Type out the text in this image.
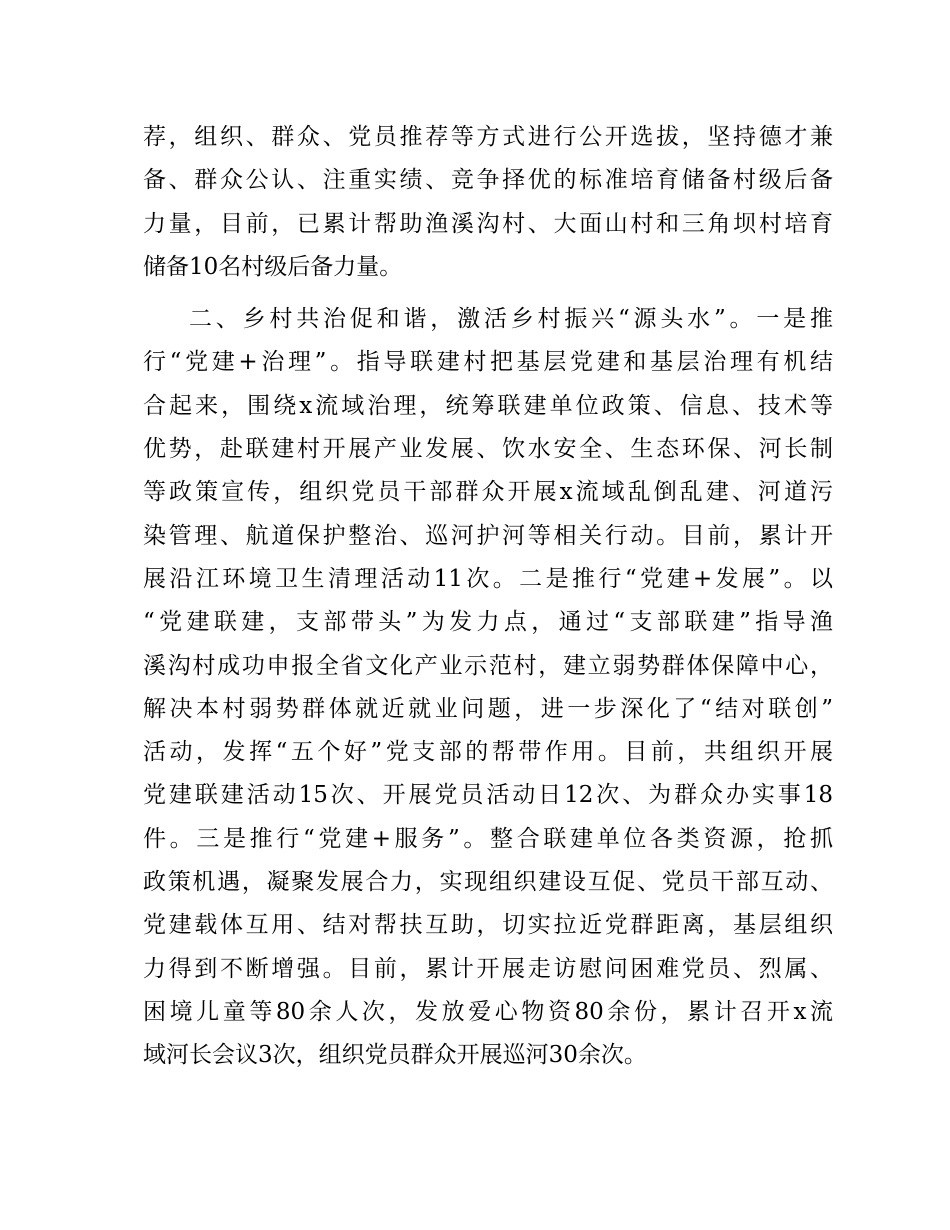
荐，组织、群众、党员推荐等方式进行公开选拔，坚持德才兼
备、群众公认、注重实绩、竞争择优的标准培育储备村级后备
力量，目前，已累计帮助渔溪沟村、大面山村和三角坝村培育
储备10名村级后备力量。
二、乡村共治促和谐，激活乡村振兴“源头水”。一是推
行“党建+治理”。指导联建村把基层党建和基层治理有机结
合起来，围绕x流域治理，统筹联建单位政策、信息、技术等
优势，赴联建村开展产业发展、饮水安全、生态环保、河长制
等政策宣传，组织党员干部群众开展x流域乱倒乱建、河道污
染管理、航道保护整治、巡河护河等相关行动。目前，累计开
展沿江环境卫生清理活动11次。二是推行“党建+发展”。以
“党建联建，支部带头”为发力点，通过“支部联建”指导渔
溪沟村成功申报全省文化产业示范村，建立弱势群体保障中心，
解决本村弱势群体就近就业问题，进一步深化了“结对联创”
活动，发挥“五个好”党支部的帮带作用。目前，共组织开展
党建联建活动15次、开展党员活动日12次、为群众办实事18
件。三是推行“党建+服务”。整合联建单位各类资源，抢抓
政策机遇，凝聚发展合力，实现组织建设互促、党员干部互动、
党建载体互用、结对帮扶互助，切实拉近党群距离，基层组织
力得到不断增强。目前，累计开展走访慰问困难党员、烈属、
困境儿童等80余人次，发放爱心物资80余份，累计召开x流
域河长会议3次，组织党员群众开展巡河30余次。
